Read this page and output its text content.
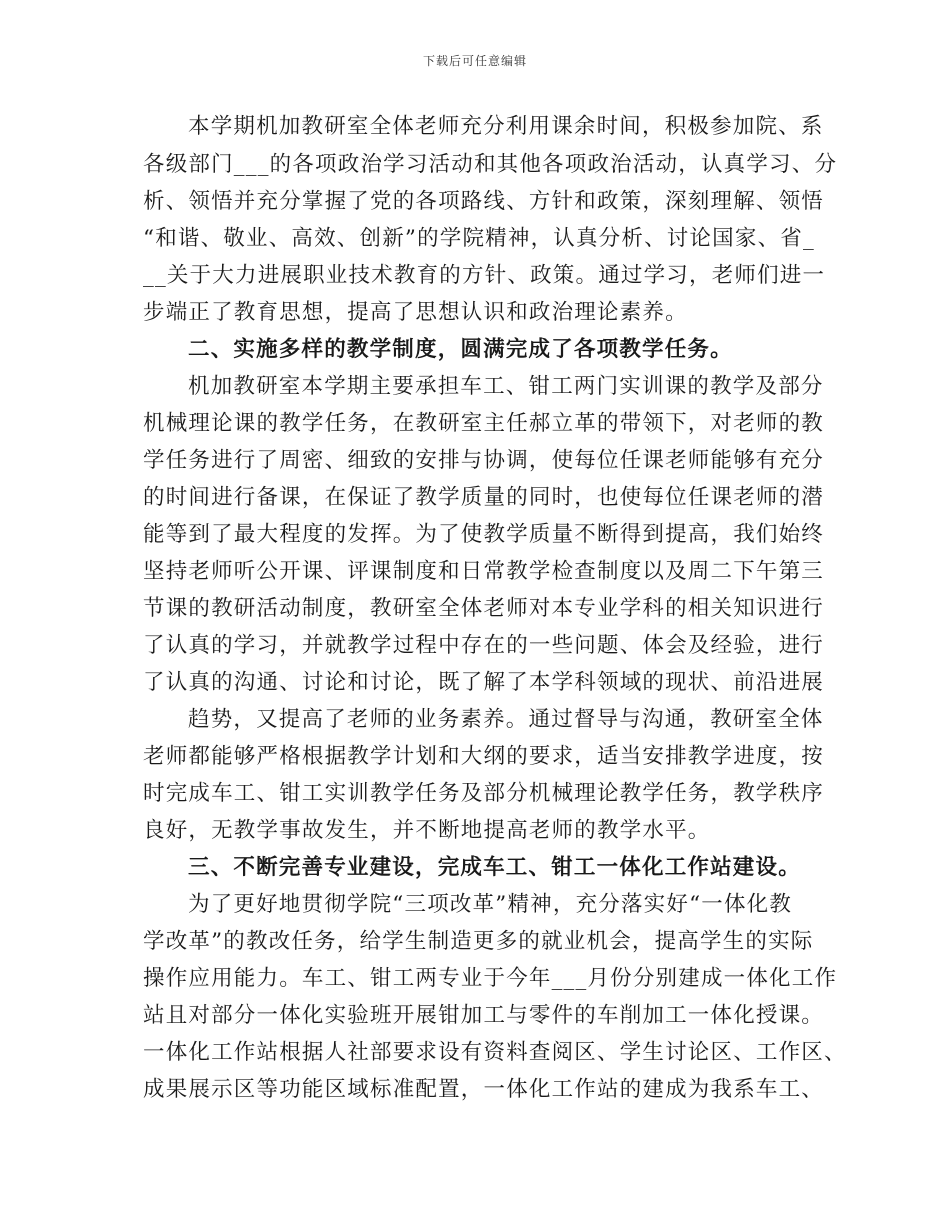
下载后可任意编辑
本学期机加教研室全体老师充分利用课余时间，积极参加院、系
各级部门___的各项政治学习活动和其他各项政治活动，认真学习、分
析、领悟并充分掌握了党的各项路线、方针和政策，深刻理解、领悟
“和谐、敬业、高效、创新”的学院精神，认真分析、讨论国家、省_
__关于大力进展职业技术教育的方针、政策。通过学习，老师们进一
步端正了教育思想，提高了思想认识和政治理论素养。
二、实施多样的教学制度，圆满完成了各项教学任务。
机加教研室本学期主要承担车工、钳工两门实训课的教学及部分
机械理论课的教学任务，在教研室主任郝立革的带领下，对老师的教
学任务进行了周密、细致的安排与协调，使每位任课老师能够有充分
的时间进行备课，在保证了教学质量的同时，也使每位任课老师的潜
能等到了最大程度的发挥。为了使教学质量不断得到提高，我们始终
坚持老师听公开课、评课制度和日常教学检查制度以及周二下午第三
节课的教研活动制度，教研室全体老师对本专业学科的相关知识进行
了认真的学习，并就教学过程中存在的一些问题、体会及经验，进行
了认真的沟通、讨论和讨论，既了解了本学科领域的现状、前沿进展
趋势，又提高了老师的业务素养。通过督导与沟通，教研室全体
老师都能够严格根据教学计划和大纲的要求，适当安排教学进度，按
时完成车工、钳工实训教学任务及部分机械理论教学任务，教学秩序
良好，无教学事故发生，并不断地提高老师的教学水平。
三、不断完善专业建设，完成车工、钳工一体化工作站建设。
为了更好地贯彻学院“三项改革”精神，充分落实好“一体化教
学改革”的教改任务，给学生制造更多的就业机会，提高学生的实际
操作应用能力。车工、钳工两专业于今年___月份分别建成一体化工作
站且对部分一体化实验班开展钳加工与零件的车削加工一体化授课。
一体化工作站根据人社部要求设有资料查阅区、学生讨论区、工作区、
成果展示区等功能区域标准配置，一体化工作站的建成为我系车工、
